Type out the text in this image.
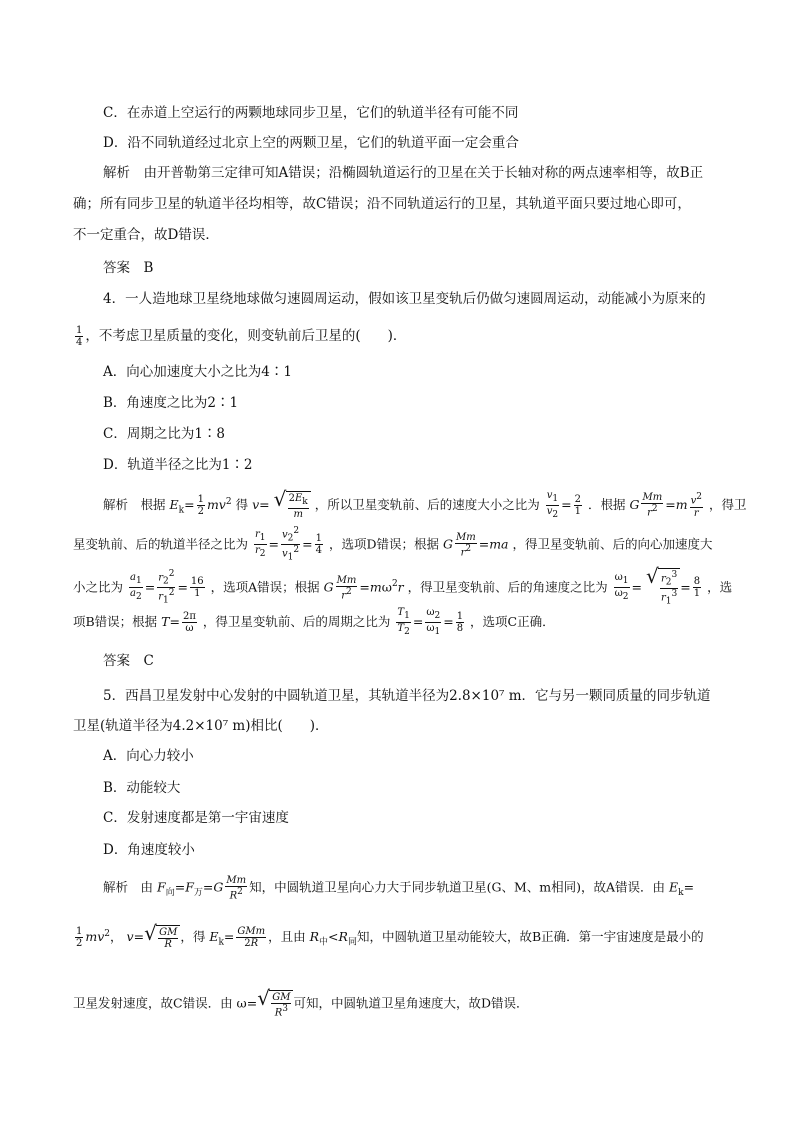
C．在赤道上空运行的两颗地球同步卫星，它们的轨道半径有可能不同
D．沿不同轨道经过北京上空的两颗卫星，它们的轨道平面一定会重合
解析　由开普勒第三定律可知A错误；沿椭圆轨道运行的卫星在关于长轴对称的两点速率相等，故B正
确；所有同步卫星的轨道半径均相等，故C错误；沿不同轨道运行的卫星，其轨道平面只要过地心即可，
不一定重合，故D错误．
答案　B
4．一人造地球卫星绕地球做匀速圆周运动，假如该卫星变轨后仍做匀速圆周运动，动能减小为原来的
$\frac{1}{4}$ ，不考虑卫星质量的变化，则变轨前后卫星的(　　)．
A．向心加速度大小之比为4∶1
B．角速度之比为2∶1
C．周期之比为1∶8
D．轨道半径之比为1∶2
解析　根据 $E_k= \frac{1}{2} mv^2$ 得 v= √ $\frac{2E_k}{m}$ ，所以卫星变轨前、后的速度大小之比为 $\frac{v_1}{v_2} = \frac{2}{1}$ ．根据 G $\frac{Mm}{r^2} =m \frac{v^2}{r}$ ，得卫
星变轨前、后的轨道半径之比为 $\frac{r_1}{r_2} = \frac{v_2^2}{v_1^2} = \frac{1}{4}$ ，选项D错误；根据 G $\frac{Mm}{r^2} =ma$ ，得卫星变轨前、后的向心加速度大
小之比为 $\frac{a_1}{a_2} = \frac{r_2^2}{r_1^2} = \frac{16}{1}$ ，选项A错误；根据 G $\frac{Mm}{r^2} =m\omega^2r$ ，得卫星变轨前、后的角速度之比为 $\frac{\omega_1}{\omega_2}$ = √ $\frac{r_2^3}{r_1^3} = \frac{8}{1}$ ，选
项B错误；根据 $T= \frac{2\pi}{\omega}$ ，得卫星变轨前、后的周期之比为 $\frac{T_1}{T_2} = \frac{\omega_2}{\omega_1} = \frac{1}{8}$ ，选项C正确．
答案　C
5．西昌卫星发射中心发射的中圆轨道卫星，其轨道半径为2.8×10⁷ m．它与另一颗同质量的同步轨道
卫星(轨道半径为4.2×10⁷ m)相比(　　)．
A．向心力较小
B．动能较大
C．发射速度都是第一宇宙速度
D．角速度较小
解析　由 $F_向=F_万=G \frac{Mm}{R^2}$ 知，中圆轨道卫星向心力大于同步轨道卫星(G、M、m相同)，故A错误．由 $E_k=$
$\frac{1}{2} mv^2$， v= √ $\frac{GM}{R}$ ，得 $E_k= \frac{\text{GMm}}{2R}$ ，且由 $R_中<R_同$知，中圆轨道卫星动能较大，故B正确．第一宇宙速度是最小的
卫星发射速度，故C错误．由 ω= √ $\frac{GM}{R^3}$ 可知，中圆轨道卫星角速度大，故D错误．
